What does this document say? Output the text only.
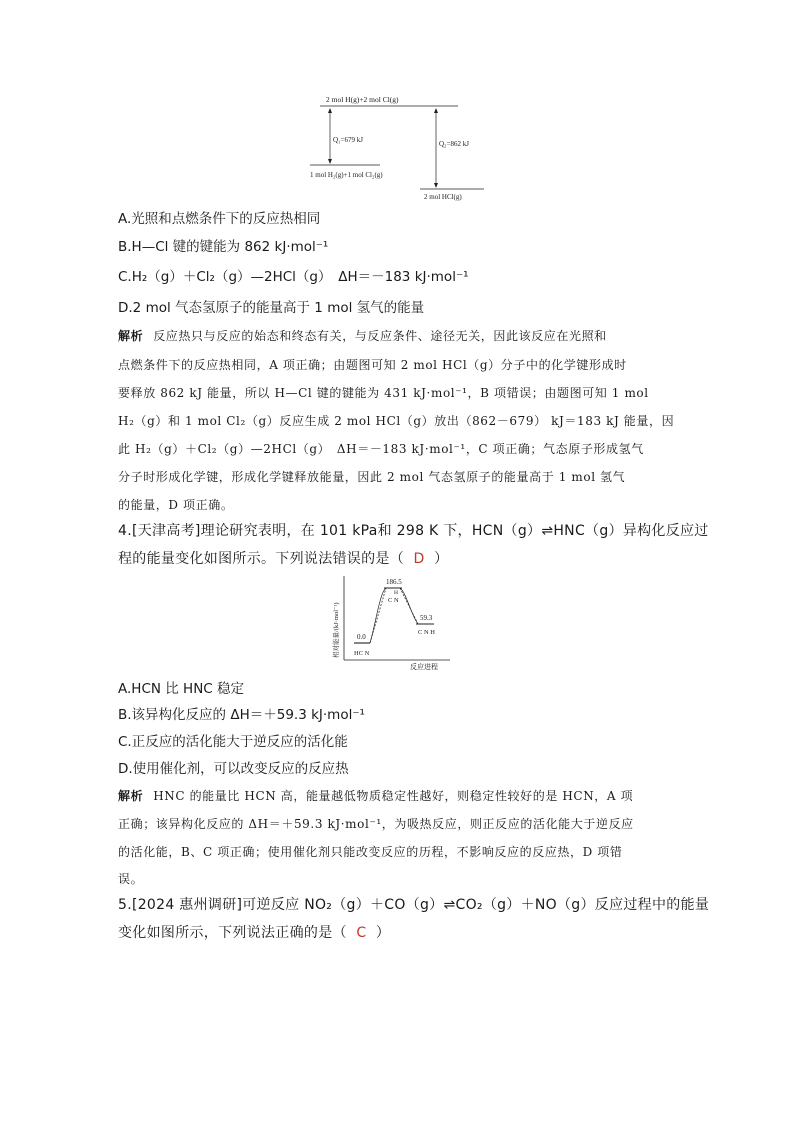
2 mol H(g)+2 mol Cl(g)
1 mol H₂(g)+1 mol Cl₂(g)
2 mol HCl(g)
Q₁=679 kJ	Q₂=862 kJ
A.光照和点燃条件下的反应热相同
B.H—Cl 键的键能为 862 kJ·mol⁻¹
C.H₂（g）＋Cl₂（g）—2HCl（g）　ΔH＝－183 kJ·mol⁻¹
D.2 mol 气态氢原子的能量高于 1 mol 氢气的能量
解析 反应热只与反应的始态和终态有关，与反应条件、途径无关，因此该反应在光照和
点燃条件下的反应热相同，A 项正确；由题图可知 2 mol HCl（g）分子中的化学键形成时
要释放 862 kJ 能量，所以 H—Cl 键的键能为 431 kJ·mol⁻¹，B 项错误；由题图可知 1 mol
H₂（g）和 1 mol Cl₂（g）反应生成 2 mol HCl（g）放出（862－679） kJ＝183 kJ 能量，因
此 H₂（g）＋Cl₂（g）—2HCl（g）　ΔH＝－183 kJ·mol⁻¹，C 项正确；气态原子形成氢气
分子时形成化学键，形成化学键释放能量，因此 2 mol 气态氢原子的能量高于 1 mol 氢气
的能量，D 项正确。
4.[天津高考]理论研究表明，在 101 kPa和 298 K 下，HCN（g）⇌HNC（g）异构化反应过
程的能量变化如图所示。下列说法错误的是（ D ）
相对能量/(kJ·mol⁻¹)
反应进程
0.0
186.5
59.3
HC N
H
C N
C N H
A.HCN 比 HNC 稳定
B.该异构化反应的 ΔH＝＋59.3 kJ·mol⁻¹
C.正反应的活化能大于逆反应的活化能
D.使用催化剂，可以改变反应的反应热
解析 HNC 的能量比 HCN 高，能量越低物质稳定性越好，则稳定性较好的是 HCN，A 项
正确；该异构化反应的 ΔH＝＋59.3 kJ·mol⁻¹，为吸热反应，则正反应的活化能大于逆反应
的活化能，B、C 项正确；使用催化剂只能改变反应的历程，不影响反应的反应热，D 项错
误。
5.[2024 惠州调研]可逆反应 NO₂（g）＋CO（g）⇌CO₂（g）＋NO（g）反应过程中的能量
变化如图所示，下列说法正确的是（ C ）
